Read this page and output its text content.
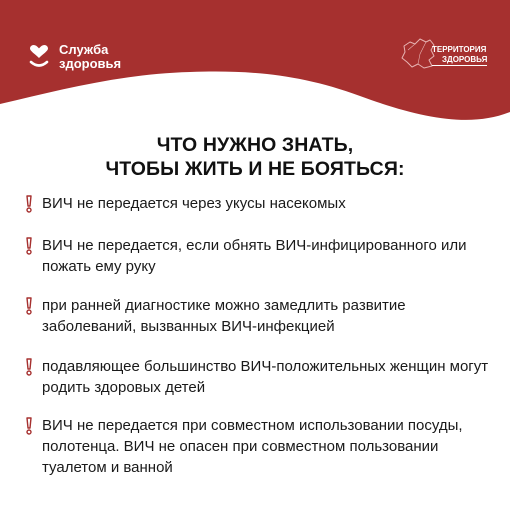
Служба
здоровья
ТЕРРИТОРИЯ
ЗДОРОВЬЯ
ЧТО НУЖНО ЗНАТЬ,
ЧТОБЫ ЖИТЬ И НЕ БОЯТЬСЯ:
ВИЧ не передается через укусы насекомых
ВИЧ не передается, если обнять ВИЧ-инфицированного или пожать ему руку
при ранней диагностике можно замедлить развитие заболеваний, вызванных ВИЧ-инфекцией
подавляющее большинство ВИЧ-положительных женщин могут родить здоровых детей
ВИЧ не передается при совместном использовании посуды, полотенца. ВИЧ не опасен при совместном пользовании туалетом и ванной
